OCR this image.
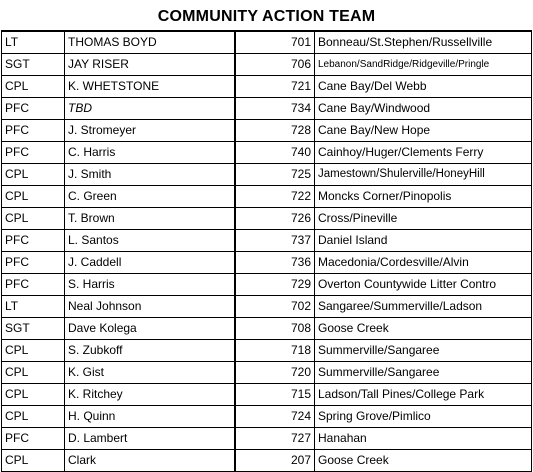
COMMUNITY ACTION TEAM
LT	THOMAS BOYD	701	Bonneau/St.Stephen/Russellville
SGT	JAY RISER	706	Lebanon/SandRidge/Ridgeville/Pringle
CPL	K. WHETSTONE	721	Cane Bay/Del Webb
PFC	TBD	734	Cane Bay/Windwood
PFC	J. Stromeyer	728	Cane Bay/New Hope
PFC	C. Harris	740	Cainhoy/Huger/Clements Ferry
CPL	J. Smith	725	Jamestown/Shulerville/HoneyHill
CPL	C. Green	722	Moncks Corner/Pinopolis
CPL	T. Brown	726	Cross/Pineville
PFC	L. Santos	737	Daniel Island
PFC	J. Caddell	736	Macedonia/Cordesville/Alvin
PFC	S. Harris	729	Overton Countywide Litter Contro
LT	Neal Johnson	702	Sangaree/Summerville/Ladson
SGT	Dave Kolega	708	Goose Creek
CPL	S. Zubkoff	718	Summerville/Sangaree
CPL	K. Gist	720	Summerville/Sangaree
CPL	K. Ritchey	715	Ladson/Tall Pines/College Park
CPL	H. Quinn	724	Spring Grove/Pimlico
PFC	D. Lambert	727	Hanahan
CPL	Clark	207	Goose Creek
